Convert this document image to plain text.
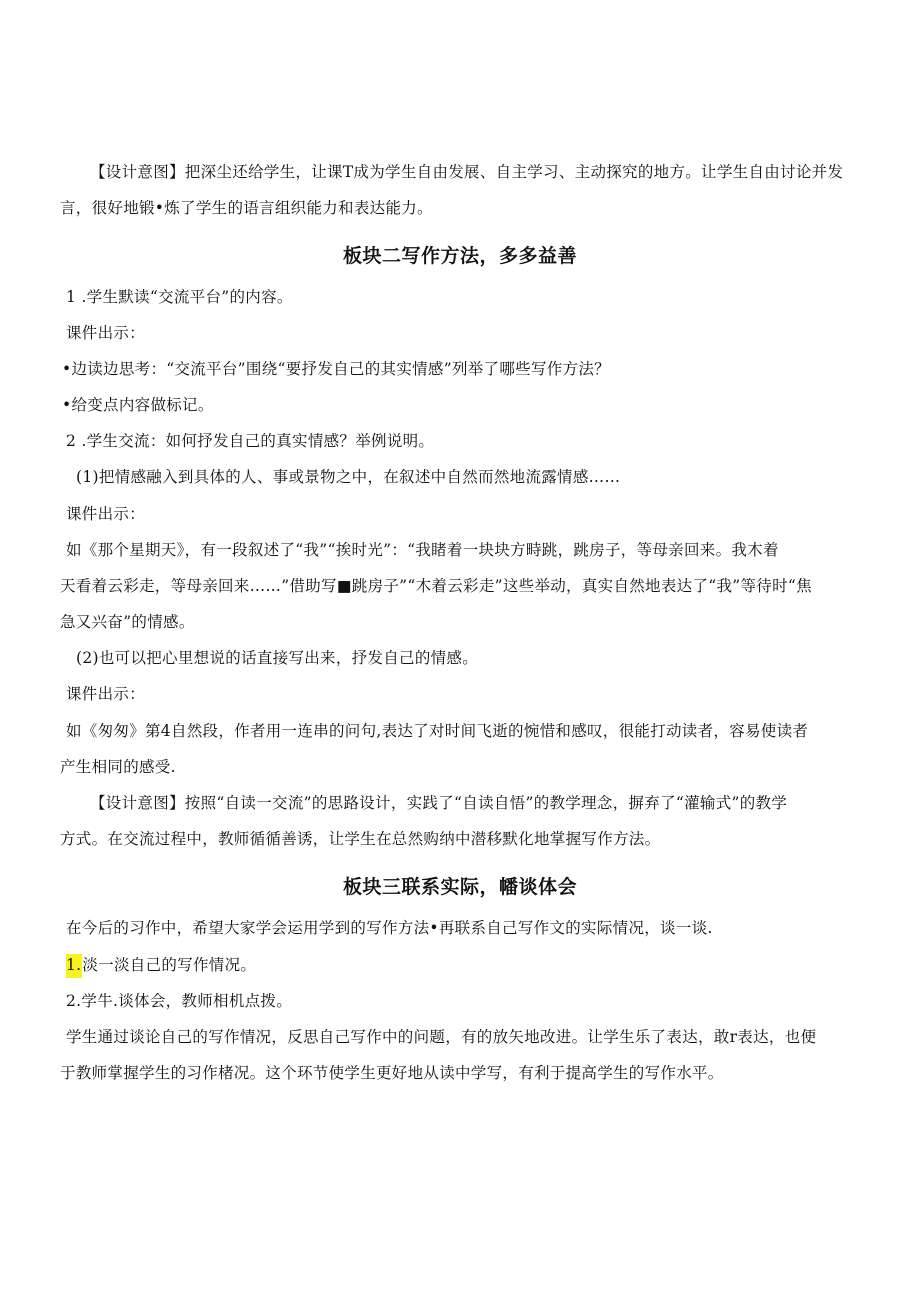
【设计意图】把深尘还给学生，让课T成为学生自由发展、自主学习、主动探究的地方。让学生自由讨论并发
言，很好地锻•炼了学生的语言组织能力和表达能力。
板块二写作方法，多多益善
1 .学生默读“交流平台”的内容。
课件出示：
•边读边思考：“交流平台”围绕“要抒发自己的其实情感”列举了哪些写作方法？
•给变点内容做标记。
2 .学生交流：如何抒发自己的真实情感？举例说明。
(1)把情感融入到具体的人、事或景物之中，在叙述中自然而然地流露情感……
课件出示：
如《那个星期天》，有一段叙述了“我”“挨时光”：“我睹着一块块方畤跳，跳房子，等母亲回来。我木着
天看着云彩走，等母亲回来……”借助写■跳房子”“木着云彩走”这些举动，真实自然地表达了“我”等待时“焦
急又兴奋”的情感。
(2)也可以把心里想说的话直接写出来，抒发自己的情感。
课件出示：
如《匆匆》第4自然段，作者用一连串的问句,表达了对时间飞逝的惋惜和感叹，很能打动读者，容易使读者
产生相同的感受.
【设计意图】按照“自读一交流”的思路设计，实践了“自读自悟”的教学理念，摒弃了“灌输式”的教学
方式。在交流过程中，教师循循善诱，让学生在总然购纳中潜移默化地掌握写作方法。
板块三联系实际，幡谈体会
在今后的习作中，希望大家学会运用学到的写作方法•再联系自己写作文的实际情况，谈一谈.
1.淡一淡自己的写作情况。
2.学牛.谈体会，教师相机点拨。
学生通过谈论自己的写作情况，反思自己写作中的问题，有的放矢地改进。让学生乐了表达，敢r表达，也便
于教师掌握学生的习作楮况。这个环节使学生更好地从读中学写，有利于提高学生的写作水平。
